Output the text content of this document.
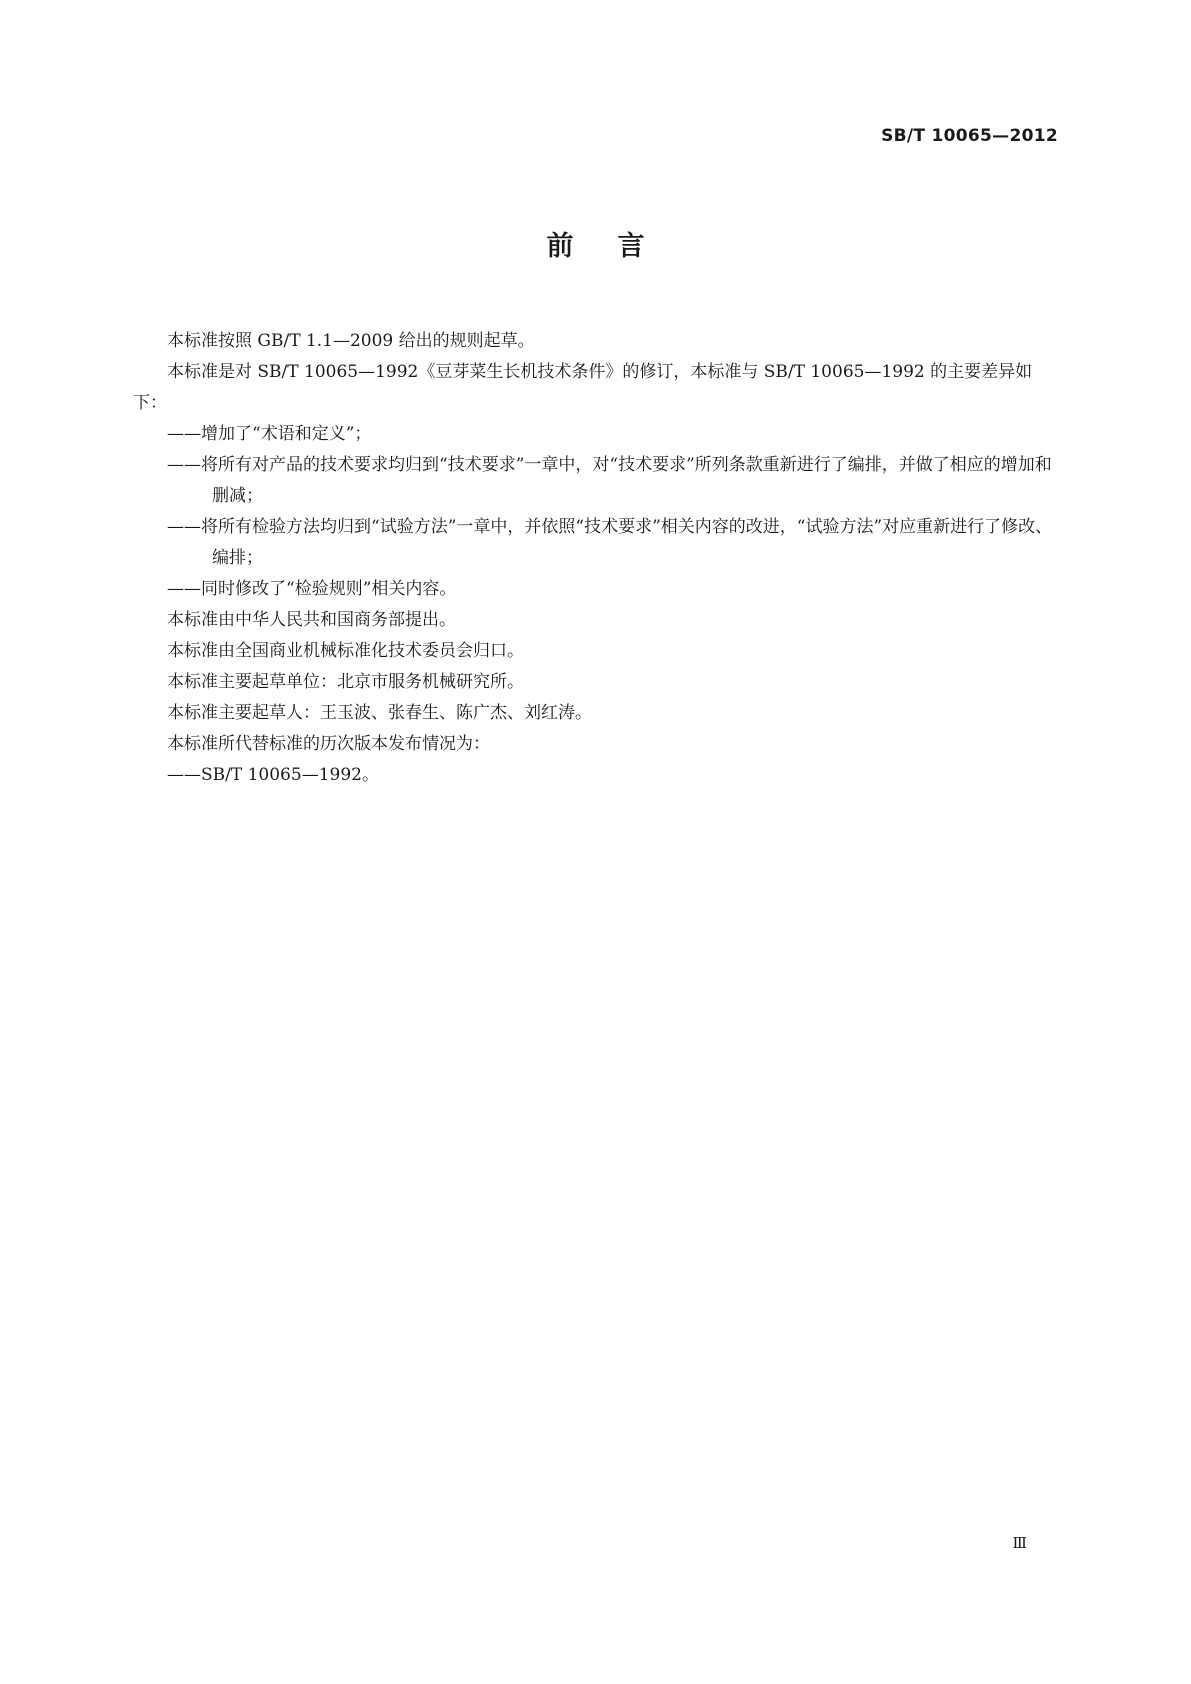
SB/T 10065—2012
前言

本标准按照 GB/T 1.1—2009 给出的规则起草。

本标准是对 SB/T 10065—1992《豆芽菜生长机技术条件》的修订，本标准与 SB/T 10065—1992 的主要差异如下：

——增加了“术语和定义”；

——将所有对产品的技术要求均归到“技术要求”一章中，对“技术要求”所列条款重新进行了编排，并做了相应的增加和删减；

——将所有检验方法均归到“试验方法”一章中，并依照“技术要求”相关内容的改进，“试验方法”对应重新进行了修改、编排；

——同时修改了“检验规则”相关内容。

本标准由中华人民共和国商务部提出。

本标准由全国商业机械标准化技术委员会归口。

本标准主要起草单位：北京市服务机械研究所。

本标准主要起草人：王玉波、张春生、陈广杰、刘红涛。

本标准所代替标准的历次版本发布情况为：

——SB/T 10065—1992。

Ⅲ
